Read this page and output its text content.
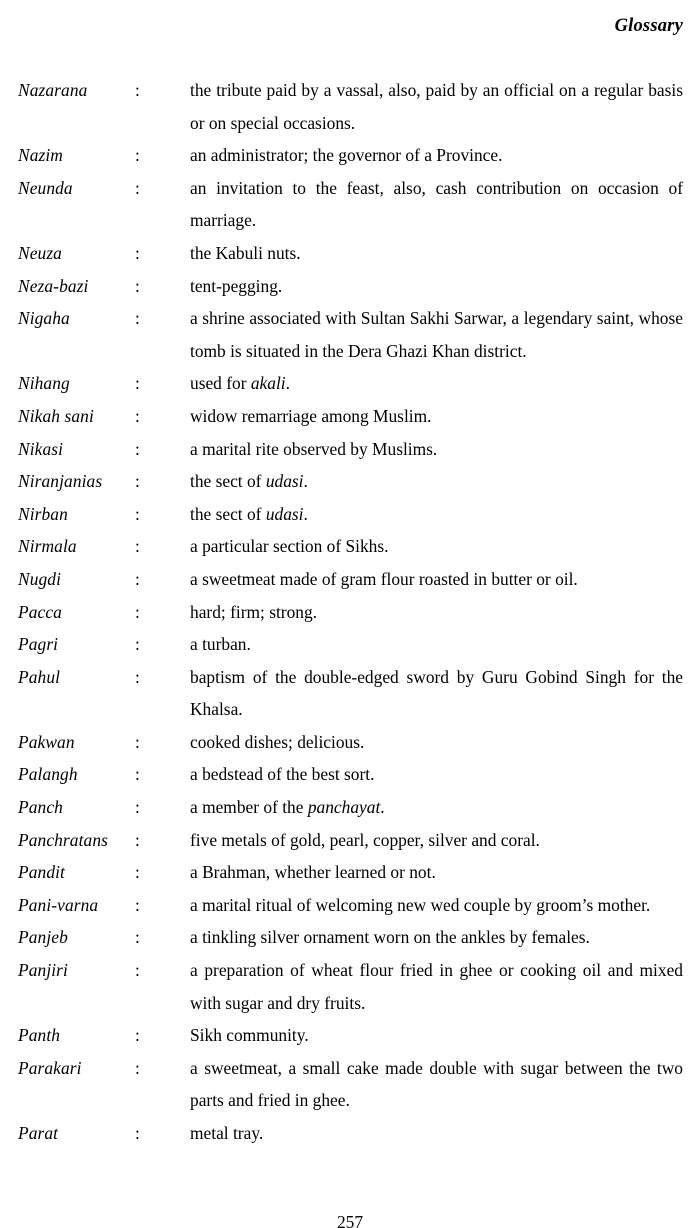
Glossary
Nazarana	:	the tribute paid by a vassal, also, paid by an official on a regular basis or on special occasions.
Nazim	:	an administrator; the governor of a Province.
Neunda	:	an invitation to the feast, also, cash contribution on occasion of marriage.
Neuza	:	the Kabuli nuts.
Neza-bazi	:	tent-pegging.
Nigaha	:	a shrine associated with Sultan Sakhi Sarwar, a legendary saint, whose tomb is situated in the Dera Ghazi Khan district.
Nihang	:	used for akali.
Nikah sani	:	widow remarriage among Muslim.
Nikasi	:	a marital rite observed by Muslims.
Niranjanias	:	the sect of udasi.
Nirban	:	the sect of udasi.
Nirmala	:	a particular section of Sikhs.
Nugdi	:	a sweetmeat made of gram flour roasted in butter or oil.
Pacca	:	hard; firm; strong.
Pagri	:	a turban.
Pahul	:	baptism of the double-edged sword by Guru Gobind Singh for the Khalsa.
Pakwan	:	cooked dishes; delicious.
Palangh	:	a bedstead of the best sort.
Panch	:	a member of the panchayat.
Panchratans	:	five metals of gold, pearl, copper, silver and coral.
Pandit	:	a Brahman, whether learned or not.
Pani-varna	:	a marital ritual of welcoming new wed couple by groom’s mother.
Panjeb	:	a tinkling silver ornament worn on the ankles by females.
Panjiri	:	a preparation of wheat flour fried in ghee or cooking oil and mixed with sugar and dry fruits.
Panth	:	Sikh community.
Parakari	:	a sweetmeat, a small cake made double with sugar between the two parts and fried in ghee.
Parat	:	metal tray.
257
